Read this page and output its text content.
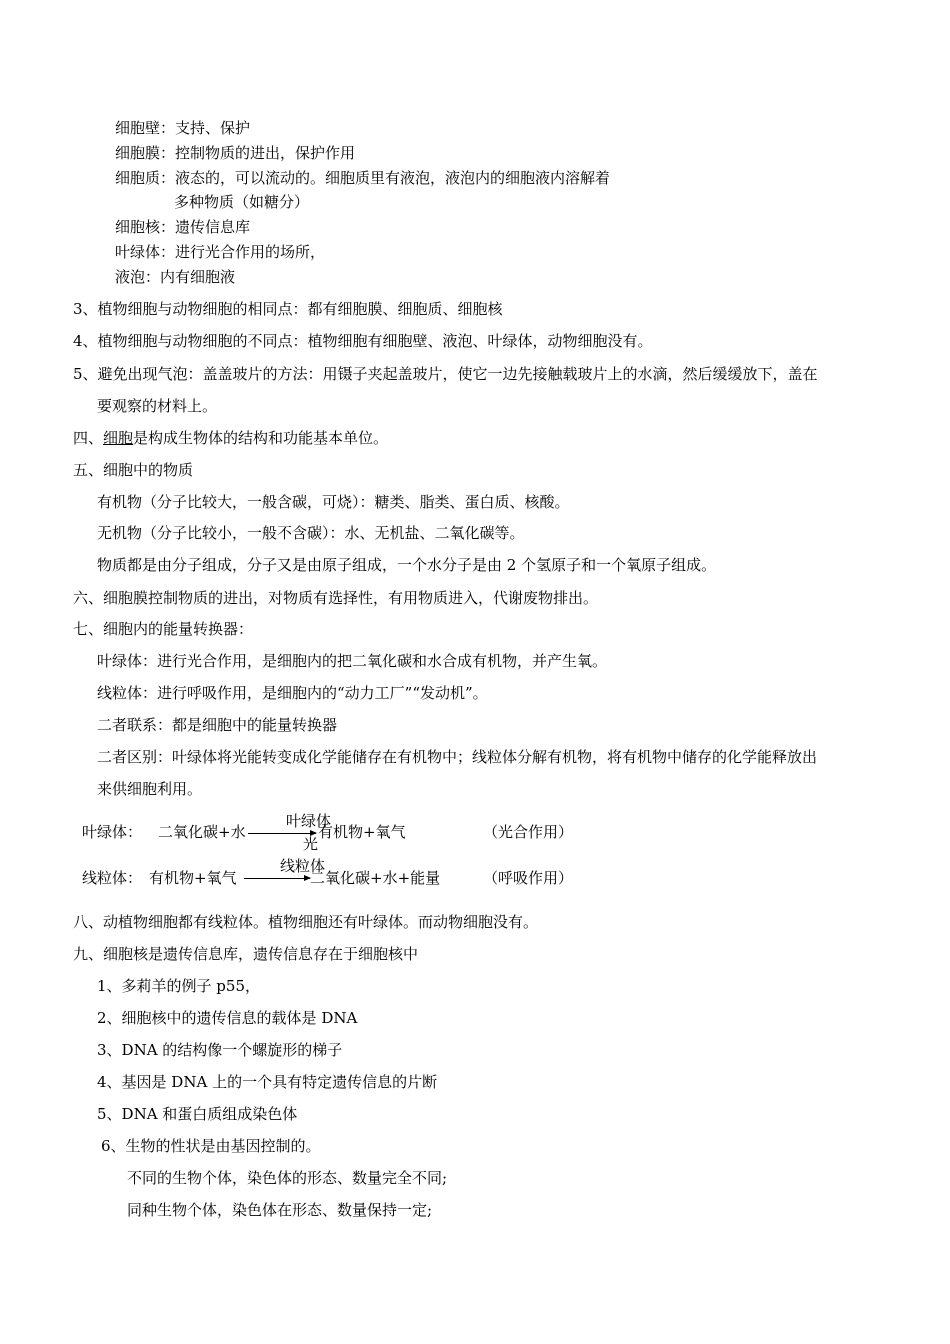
细胞壁：支持、保护
细胞膜：控制物质的进出，保护作用
细胞质：液态的，可以流动的。细胞质里有液泡，液泡内的细胞液内溶解着
多种物质（如糖分）
细胞核：遗传信息库
叶绿体：进行光合作用的场所，
液泡：内有细胞液
3、植物细胞与动物细胞的相同点：都有细胞膜、细胞质、细胞核
4、植物细胞与动物细胞的不同点：植物细胞有细胞壁、液泡、叶绿体，动物细胞没有。
5、避免出现气泡：盖盖玻片的方法：用镊子夹起盖玻片，使它一边先接触载玻片上的水滴，然后缓缓放下，盖在
要观察的材料上。
四、细胞是构成生物体的结构和功能基本单位。
五、细胞中的物质
有机物（分子比较大，一般含碳，可烧）：糖类、脂类、蛋白质、核酸。
无机物（分子比较小，一般不含碳）：水、无机盐、二氧化碳等。
物质都是由分子组成，分子又是由原子组成，一个水分子是由 2 个氢原子和一个氧原子组成。
六、细胞膜控制物质的进出，对物质有选择性，有用物质进入，代谢废物排出。
七、细胞内的能量转换器：
叶绿体：进行光合作用，是细胞内的把二氧化碳和水合成有机物，并产生氧。
线粒体：进行呼吸作用，是细胞内的“动力工厂”“发动机”。
二者联系：都是细胞中的能量转换器
二者区别：叶绿体将光能转变成化学能储存在有机物中；线粒体分解有机物，将有机物中储存的化学能释放出
来供细胞利用。
叶绿体： 二氧化碳+水
叶绿体
光
有机物+氧气	（光合作用）
线粒体： 有机物+氧气
线粒体
二氧化碳+水+能量	（呼吸作用）
八、动植物细胞都有线粒体。植物细胞还有叶绿体。而动物细胞没有。
九、细胞核是遗传信息库，遗传信息存在于细胞核中
1、多莉羊的例子 p55，
2、细胞核中的遗传信息的载体是 DNA
3、DNA 的结构像一个螺旋形的梯子
4、基因是 DNA 上的一个具有特定遗传信息的片断
5、DNA 和蛋白质组成染色体
6、生物的性状是由基因控制的。
不同的生物个体，染色体的形态、数量完全不同;
同种生物个体，染色体在形态、数量保持一定;
